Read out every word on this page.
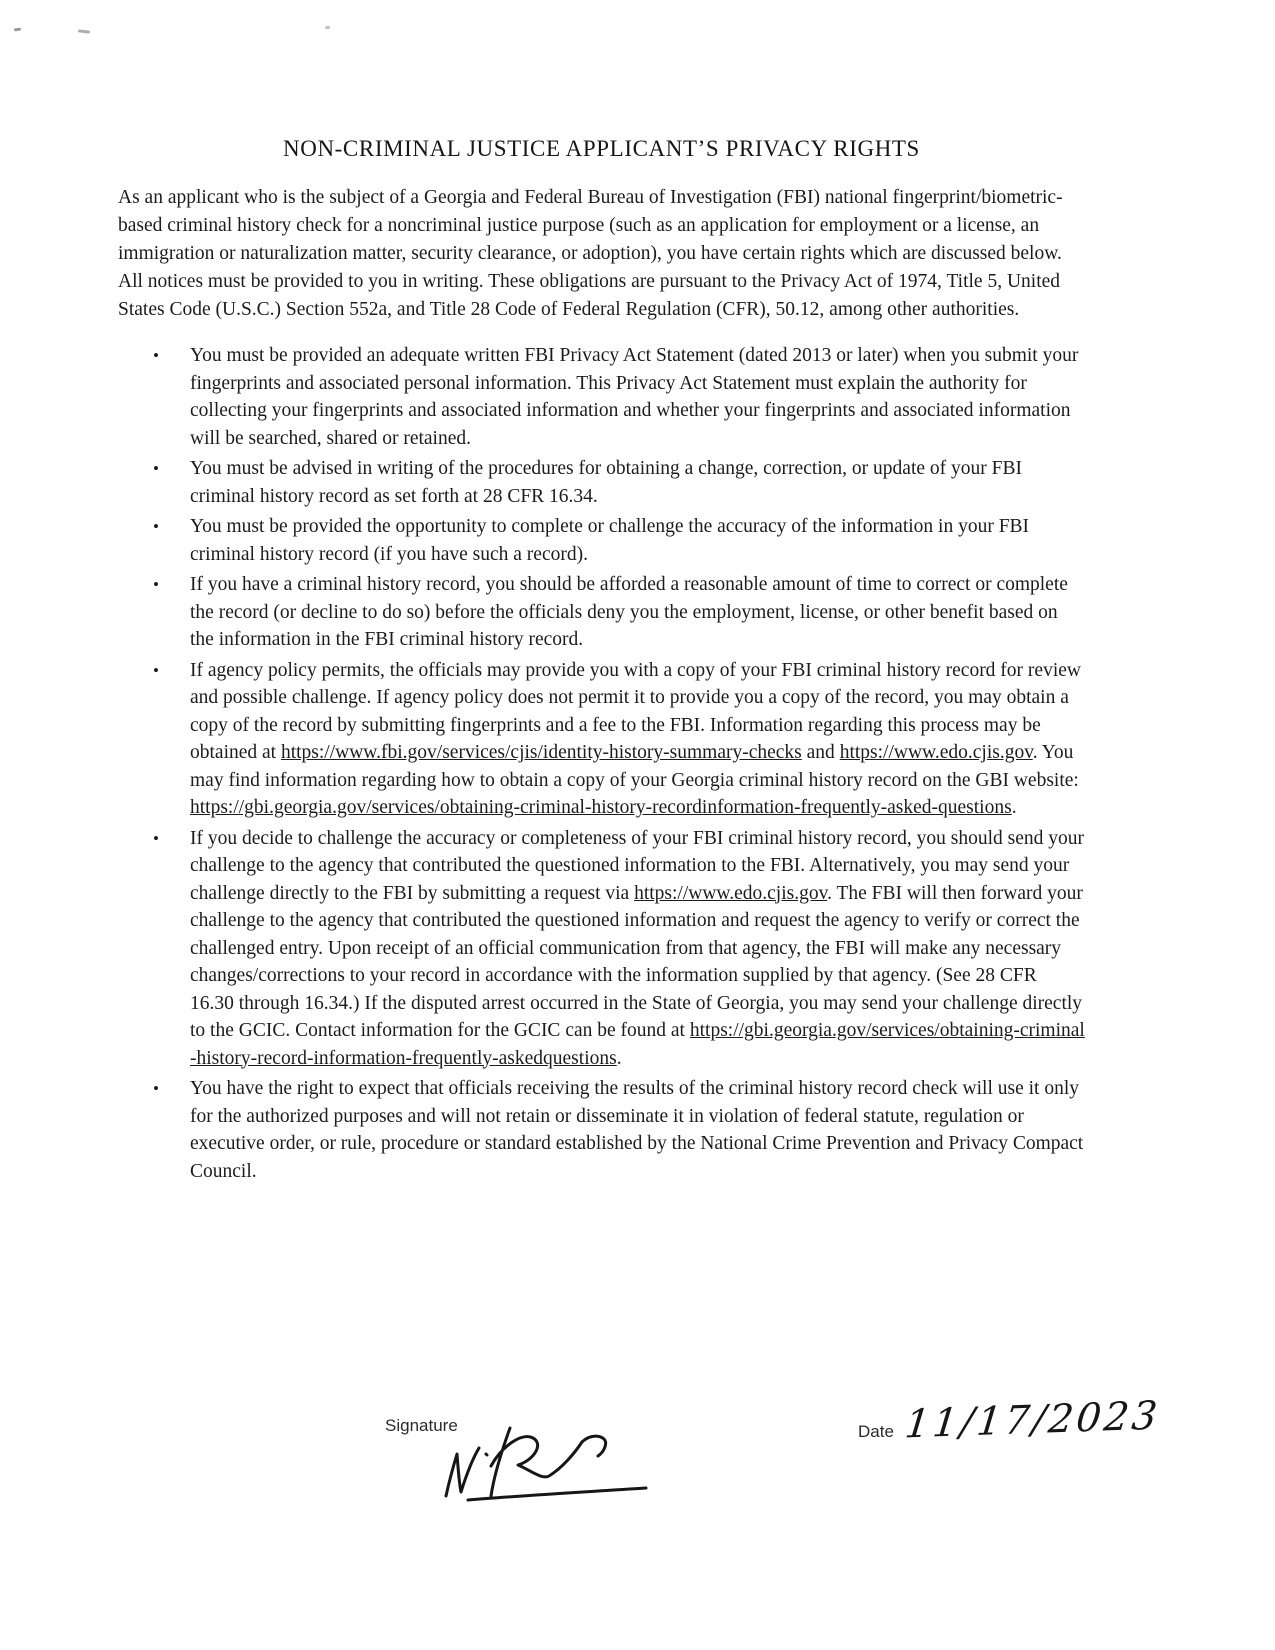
NON-CRIMINAL JUSTICE APPLICANT’S PRIVACY RIGHTS

As an applicant who is the subject of a Georgia and Federal Bureau of Investigation (FBI) national fingerprint/biometric-based criminal history check for a noncriminal justice purpose (such as an application for employment or a license, an immigration or naturalization matter, security clearance, or adoption), you have certain rights which are discussed below. All notices must be provided to you in writing. These obligations are pursuant to the Privacy Act of 1974, Title 5, United States Code (U.S.C.) Section 552a, and Title 28 Code of Federal Regulation (CFR), 50.12, among other authorities.

• You must be provided an adequate written FBI Privacy Act Statement (dated 2013 or later) when you submit your fingerprints and associated personal information. This Privacy Act Statement must explain the authority for collecting your fingerprints and associated information and whether your fingerprints and associated information will be searched, shared or retained.
• You must be advised in writing of the procedures for obtaining a change, correction, or update of your FBI criminal history record as set forth at 28 CFR 16.34.
• You must be provided the opportunity to complete or challenge the accuracy of the information in your FBI criminal history record (if you have such a record).
• If you have a criminal history record, you should be afforded a reasonable amount of time to correct or complete the record (or decline to do so) before the officials deny you the employment, license, or other benefit based on the information in the FBI criminal history record.
• If agency policy permits, the officials may provide you with a copy of your FBI criminal history record for review and possible challenge. If agency policy does not permit it to provide you a copy of the record, you may obtain a copy of the record by submitting fingerprints and a fee to the FBI. Information regarding this process may be obtained at https://www.fbi.gov/services/cjis/identity-history-summary-checks and https://www.edo.cjis.gov. You may find information regarding how to obtain a copy of your Georgia criminal history record on the GBI website: https://gbi.georgia.gov/services/obtaining-criminal-history-recordinformation-frequently-asked-questions.
• If you decide to challenge the accuracy or completeness of your FBI criminal history record, you should send your challenge to the agency that contributed the questioned information to the FBI. Alternatively, you may send your challenge directly to the FBI by submitting a request via https://www.edo.cjis.gov. The FBI will then forward your challenge to the agency that contributed the questioned information and request the agency to verify or correct the challenged entry. Upon receipt of an official communication from that agency, the FBI will make any necessary changes/corrections to your record in accordance with the information supplied by that agency. (See 28 CFR 16.30 through 16.34.) If the disputed arrest occurred in the State of Georgia, you may send your challenge directly to the GCIC. Contact information for the GCIC can be found at https://gbi.georgia.gov/services/obtaining-criminal-history-record-information-frequently-askedquestions.
• You have the right to expect that officials receiving the results of the criminal history record check will use it only for the authorized purposes and will not retain or disseminate it in violation of federal statute, regulation or executive order, or rule, procedure or standard established by the National Crime Prevention and Privacy Compact Council.
Signature	Date 11/17/2023
